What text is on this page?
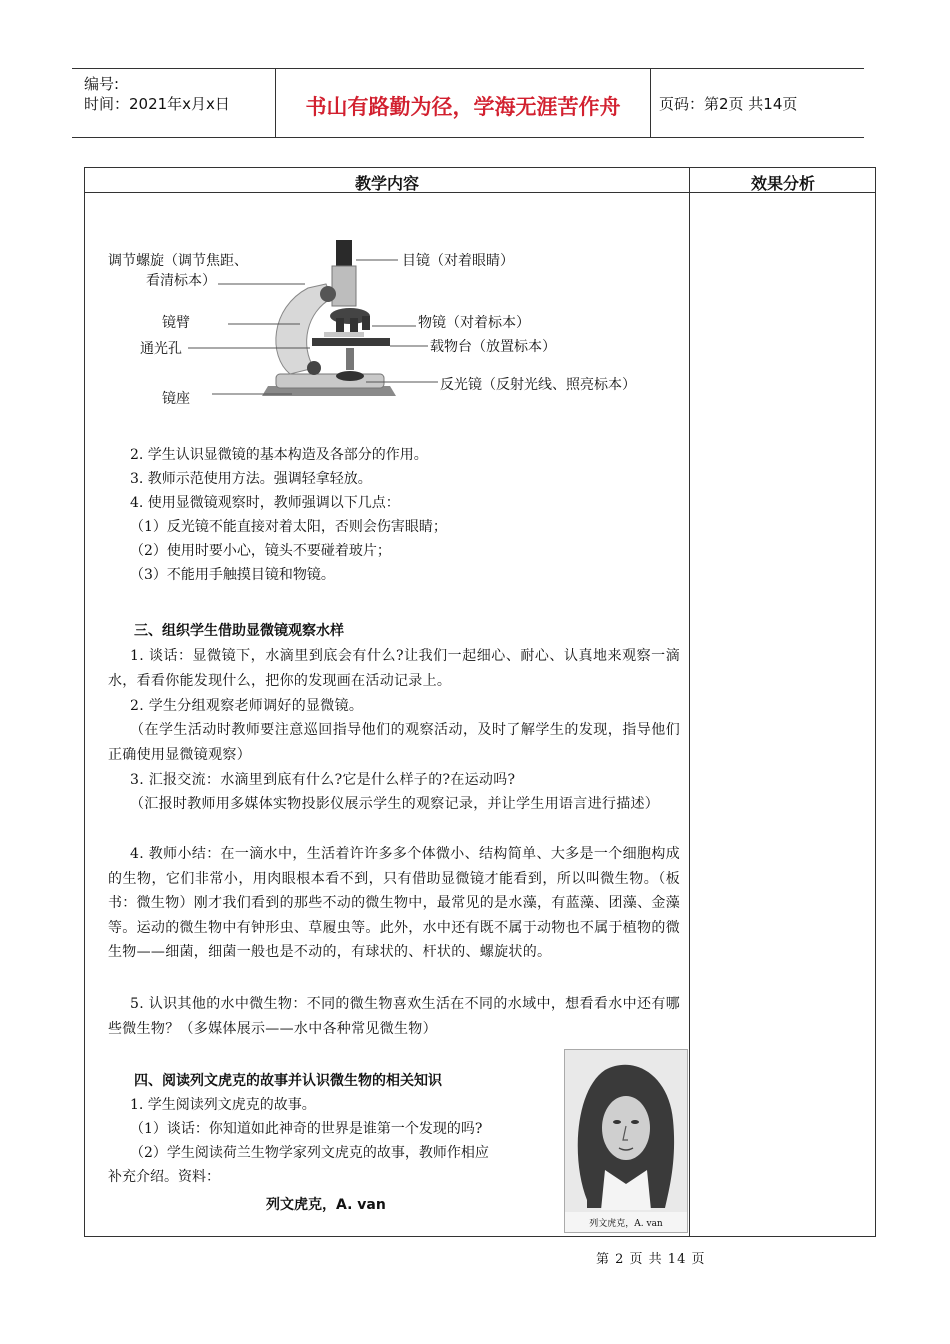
编号:
时间：2021年x月x日	书山有路勤为径，学海无涯苦作舟	页码：第2页 共14页
教学内容	效果分析
调节螺旋（调节焦距、
看清标本）
镜臂
通光孔
镜座
目镜（对着眼睛）
物镜（对着标本）
载物台（放置标本）
反光镜（反射光线、照亮标本）
2. 学生认识显微镜的基本构造及各部分的作用。
3. 教师示范使用方法。强调轻拿轻放。
4. 使用显微镜观察时，教师强调以下几点：
（1）反光镜不能直接对着太阳，否则会伤害眼睛；
（2）使用时要小心，镜头不要碰着玻片；
（3）不能用手触摸目镜和物镜。
三、组织学生借助显微镜观察水样
1. 谈话：显微镜下，水滴里到底会有什么?让我们一起细心、耐心、认真地来观察一滴水，看看你能发现什么，把你的发现画在活动记录上。
2. 学生分组观察老师调好的显微镜。
（在学生活动时教师要注意巡回指导他们的观察活动，及时了解学生的发现，指导他们正确使用显微镜观察）
3. 汇报交流：水滴里到底有什么?它是什么样子的?在运动吗?
（汇报时教师用多媒体实物投影仪展示学生的观察记录，并让学生用语言进行描述）
4. 教师小结：在一滴水中，生活着许许多多个体微小、结构简单、大多是一个细胞构成的生物，它们非常小，用肉眼根本看不到，只有借助显微镜才能看到，所以叫微生物。（板书：微生物）刚才我们看到的那些不动的微生物中，最常见的是水藻，有蓝藻、团藻、金藻等。运动的微生物中有钟形虫、草履虫等。此外，水中还有既不属于动物也不属于植物的微生物——细菌，细菌一般也是不动的，有球状的、杆状的、螺旋状的。
5. 认识其他的水中微生物：不同的微生物喜欢生活在不同的水域中，想看看水中还有哪些微生物？（多媒体展示——水中各种常见微生物）
四、阅读列文虎克的故事并认识微生物的相关知识
1. 学生阅读列文虎克的故事。
（1）谈话：你知道如此神奇的世界是谁第一个发现的吗?
（2）学生阅读荷兰生物学家列文虎克的故事，教师作相应
补充介绍。资料：
列文虎克，A. van
列文虎克，A. van
第 2 页 共 14 页
